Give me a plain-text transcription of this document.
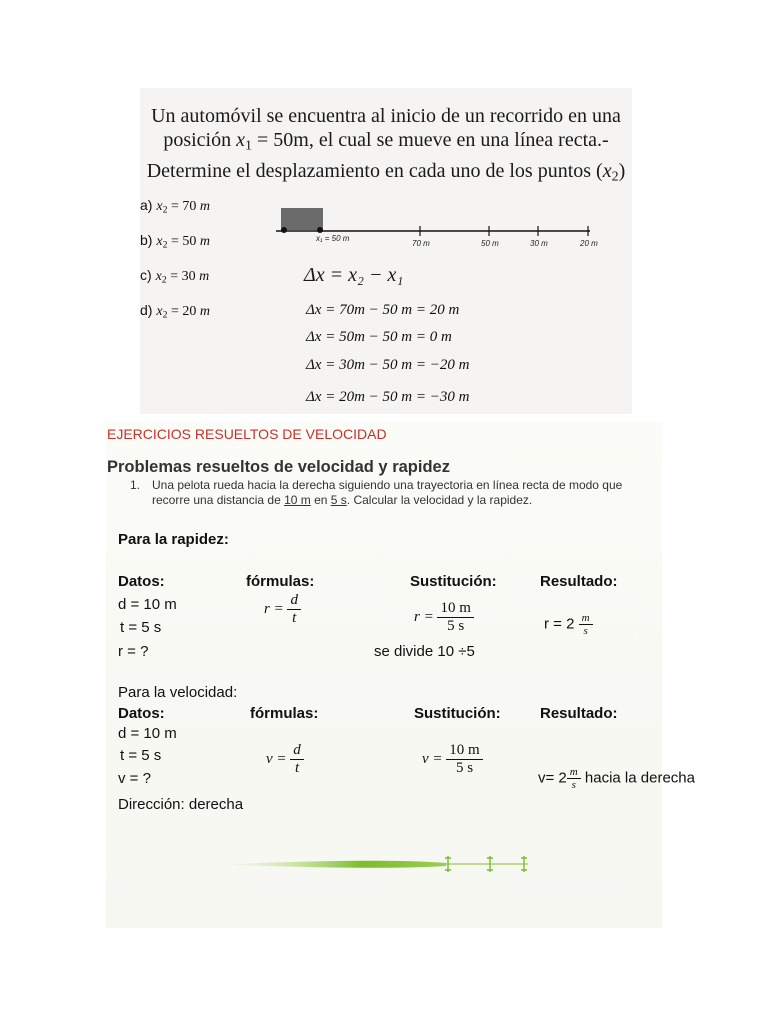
Un automóvil se encuentra al inicio de un recorrido en una
posición $x_1 = 50m$, el cual se mueve en una línea recta.-
Determine el desplazamiento en cada uno de los puntos $(x_2)$
a) $x_2 = 70$ m
b) $x_2 = 50$ m
c) $x_2 = 30$ m
d) $x_2 = 20$ m
x₁ = 50 m
70 m	50 m	30 m	20 m
Δx = x₂ − x₁
Δx = 70m − 50 m = 20 m
Δx = 50m − 50 m = 0 m
Δx = 30m − 50 m = −20 m
Δx = 20m − 50 m = −30 m
EJERCICIOS RESUELTOS DE VELOCIDAD
Problemas resueltos de velocidad y rapidez
1. Una pelota rueda hacia la derecha siguiendo una trayectoria en línea recta de modo que recorre una distancia de 10 m en 5 s. Calcular la velocidad y la rapidez.
Para la rapidez:
Datos:	fórmulas:	Sustitución:	Resultado:
d = 10 m
t = 5 s
r = ?
$r = \frac{d}{t}$	$r = \frac{10 m}{5 s}$
se divide 10 ÷5
$r = 2 \frac{m}{s}$
Para la velocidad:
Datos:	fórmulas:	Sustitución:	Resultado:
d = 10 m
t = 5 s
v = ?
$v = \frac{d}{t}$	$v = \frac{10 m}{5 s}$
$v= 2 \frac{m}{s}$ hacia la derecha
Dirección: derecha
